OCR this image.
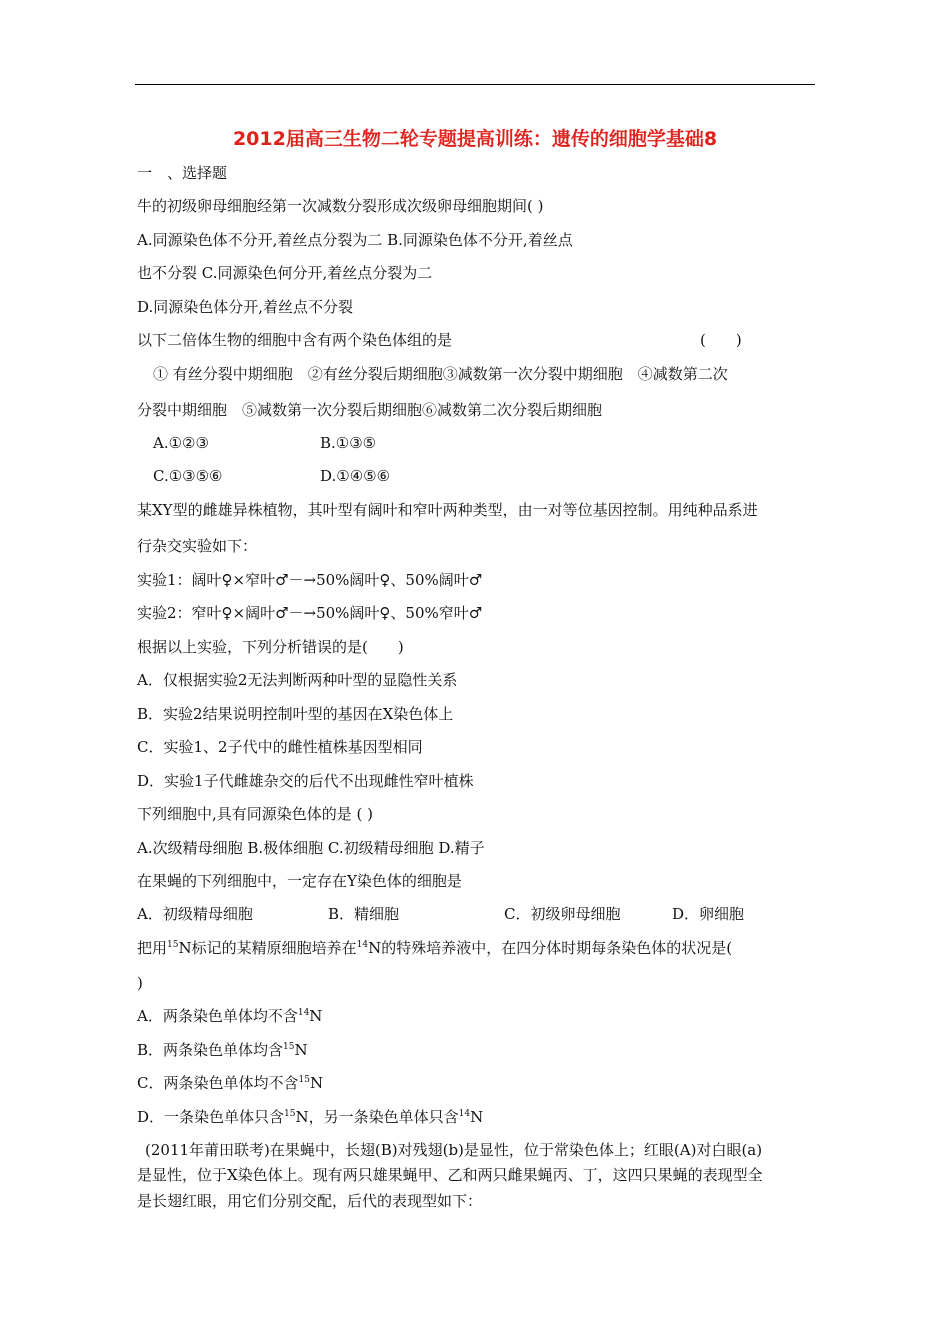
2012届高三生物二轮专题提高训练：遗传的细胞学基础8
一　、选择题
牛的初级卵母细胞经第一次减数分裂形成次级卵母细胞期间( )
A.同源染色体不分开,着丝点分裂为二 B.同源染色体不分开,着丝点
也不分裂 C.同源染色何分开,着丝点分裂为二
D.同源染色体分开,着丝点不分裂
以下二倍体生物的细胞中含有两个染色体组的是	(　　)
① 有丝分裂中期细胞　②有丝分裂后期细胞③减数第一次分裂中期细胞　④减数第二次
分裂中期细胞　⑤减数第一次分裂后期细胞⑥减数第二次分裂后期细胞
A.①②③	B.①③⑤
C.①③⑤⑥	D.①④⑤⑥
某XY型的雌雄异株植物，其叶型有阔叶和窄叶两种类型，由一对等位基因控制。用纯种品系进
行杂交实验如下：
实验1：阔叶♀×窄叶♂－→50%阔叶♀、50%阔叶♂
实验2：窄叶♀×阔叶♂－→50%阔叶♀、50%窄叶♂
根据以上实验，下列分析错误的是(　　)
A．仅根据实验2无法判断两种叶型的显隐性关系
B．实验2结果说明控制叶型的基因在X染色体上
C．实验1、2子代中的雌性植株基因型相同
D．实验1子代雌雄杂交的后代不出现雌性窄叶植株
下列细胞中,具有同源染色体的是 ( )
A.次级精母细胞 B.极体细胞 C.初级精母细胞 D.精子
在果蝇的下列细胞中，一定存在Y染色体的细胞是
A．初级精母细胞	B．精细胞	C．初级卵母细胞	D．卵细胞
把用$^{15}$N标记的某精原细胞培养在$^{14}$N的特殊培养液中，在四分体时期每条染色体的状况是(
)
A．两条染色单体均不含$^{14}$N
B．两条染色单体均含$^{15}$N
C．两条染色单体均不含$^{15}$N
D．一条染色单体只含$^{15}$N，另一条染色单体只含$^{14}$N
(2011年莆田联考)在果蝇中，长翅(B)对残翅(b)是显性，位于常染色体上；红眼(A)对白眼(a)
是显性，位于X染色体上。现有两只雄果蝇甲、乙和两只雌果蝇丙、丁，这四只果蝇的表现型全
是长翅红眼，用它们分别交配，后代的表现型如下：
